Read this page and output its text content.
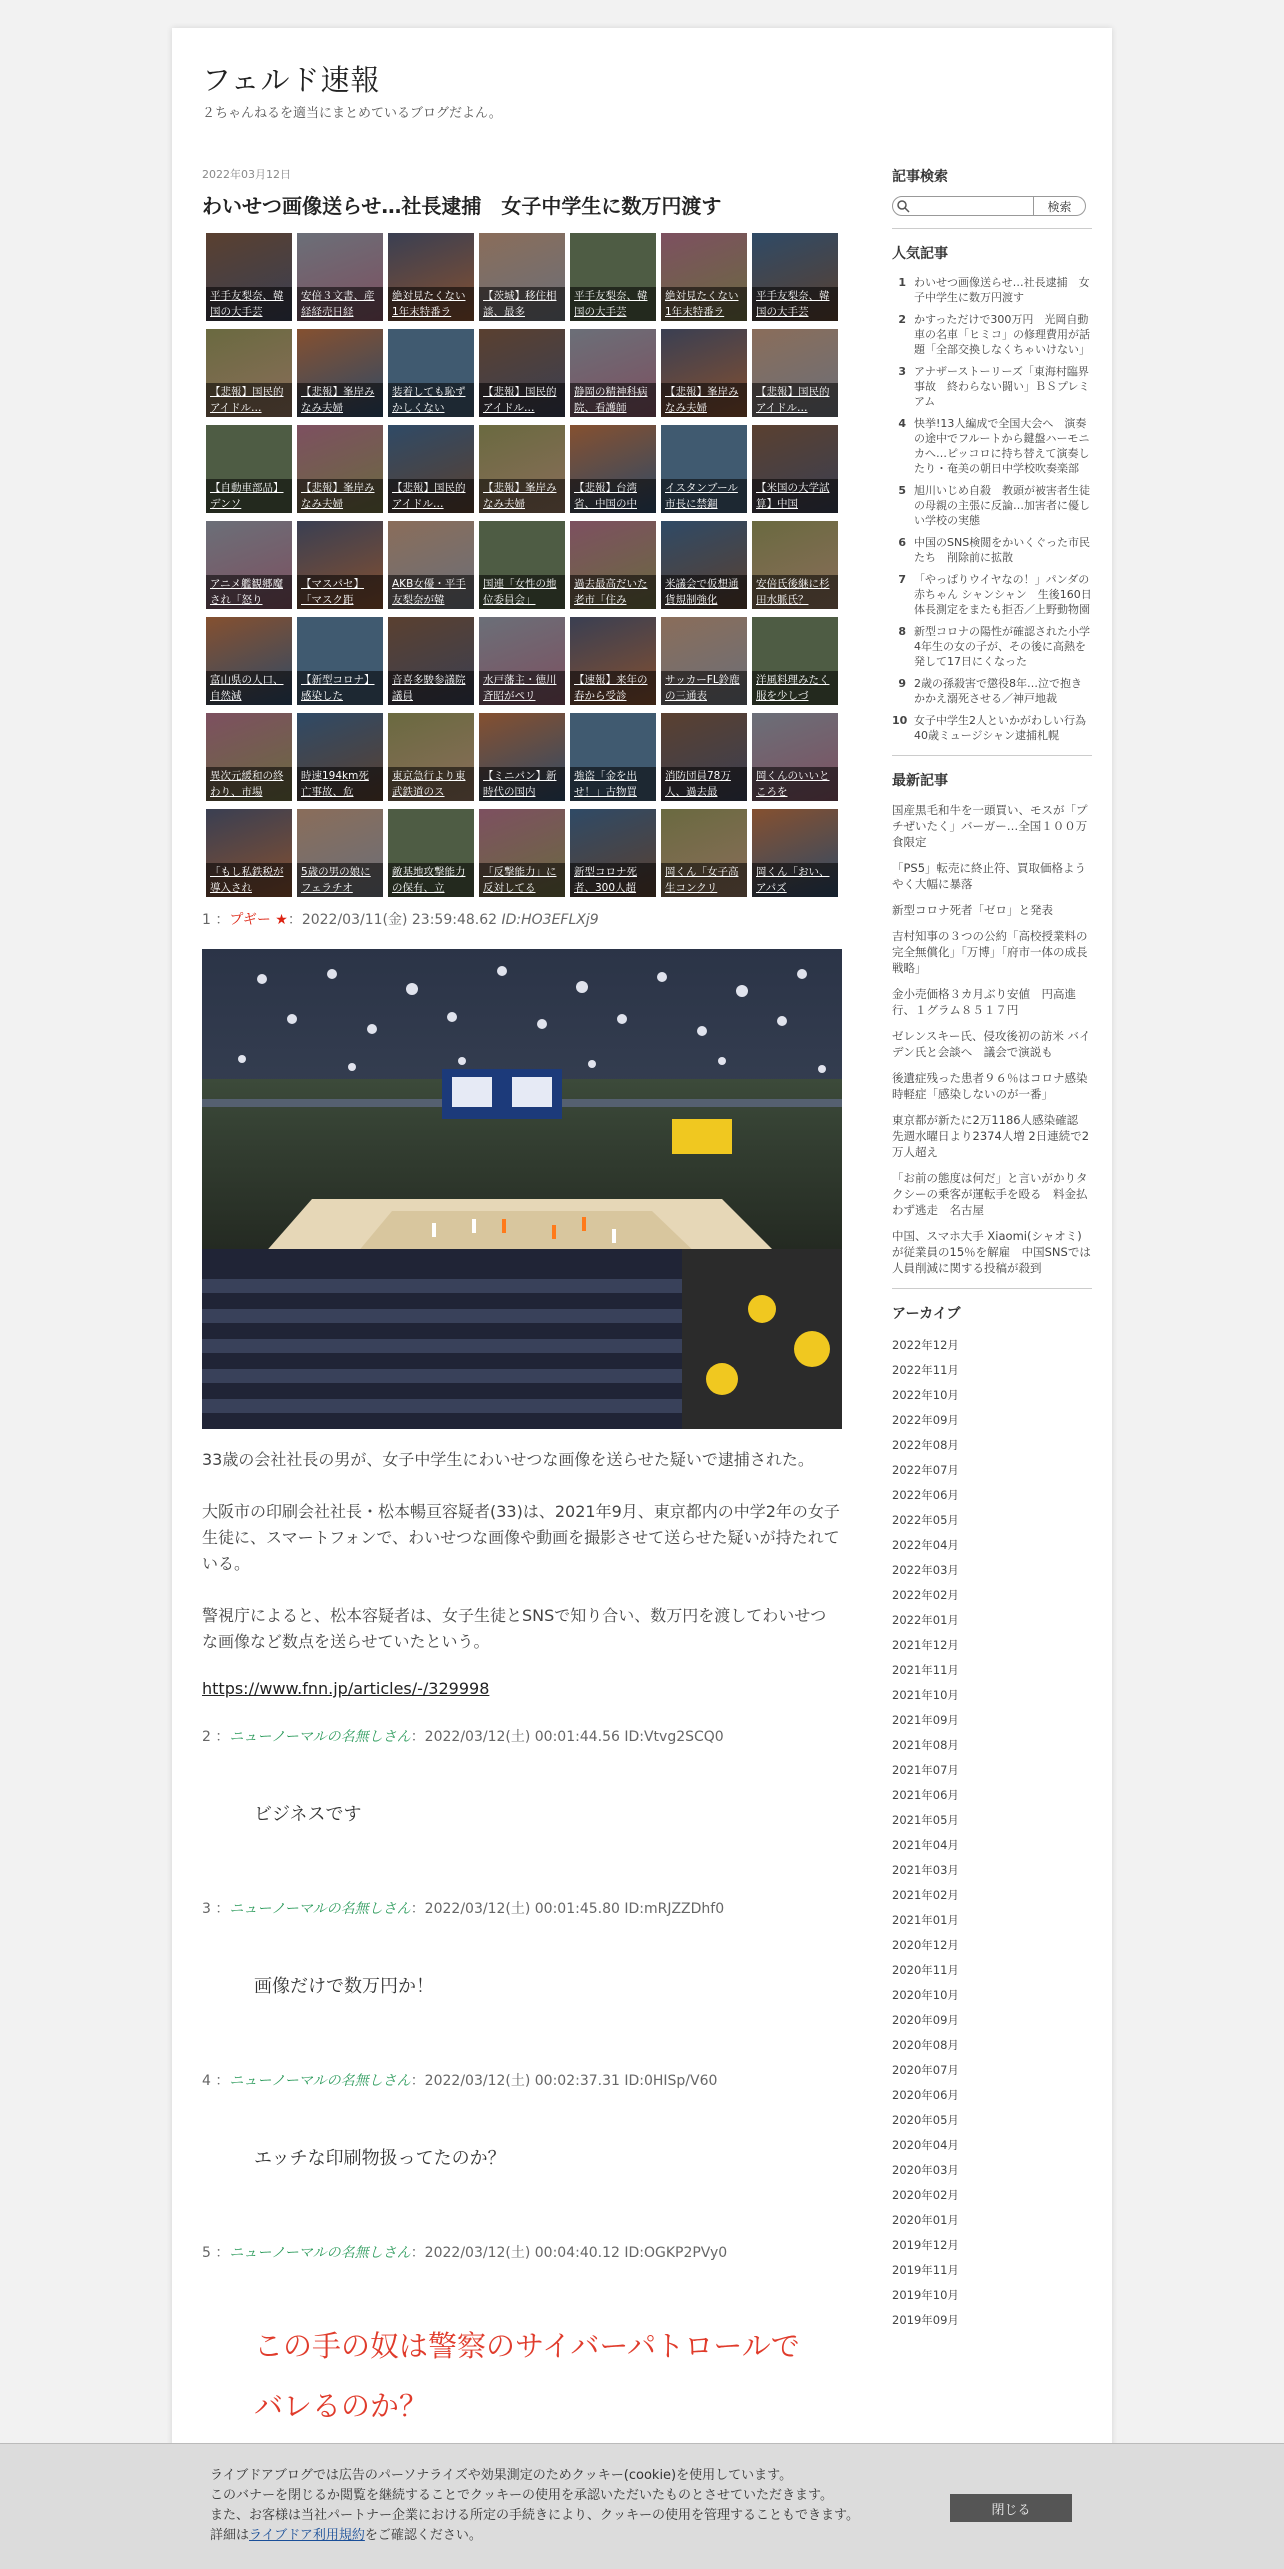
フェルド速報
２ちゃんねるを適当にまとめているブログだよん。
2022年03月12日
わいせつ画像送らせ…社長逮捕　女子中学生に数万円渡す
平手友梨奈、韓国の大手芸
安倍３文書、産経経売日経
絶対見たくない1年末特番ラ
【茨城】移住相談、最多
平手友梨奈、韓国の大手芸
絶対見たくない1年末特番ラ
平手友梨奈、韓国の大手芸
【悲報】国民的アイドル…
【悲報】峯岸みなみ夫婦
装着しても恥ずかしくない
【悲報】国民的アイドル…
静岡の精神科病院、看護師
【悲報】峯岸みなみ夫婦
【悲報】国民的アイドル…
【自動車部品】デンソ
【悲報】峯岸みなみ夫婦
【悲報】国民的アイドル…
【悲報】峯岸みなみ夫婦
【悲報】台湾省、中国の中
イスタンブール市長に禁錮
【米国の大学試算】中国
アニメ艦観郷魔され「怒り
【マスパセ】「マスク距
AKB女優・平手友梨奈が韓
国連「女性の地位委員会」
過去最高だいた老市「住み
米議会で仮想通貨規制強化
安倍氏後継に杉田水脈氏？
富山県の人口、自然減
【新型コロナ】感染した
音喜多駿参議院議員
水戸藩主・徳川斉昭がペリ
【速報】来年の春から受診
サッカーFL鈴鹿の三通表
洋風料理みたく服を少しづ
異次元緩和の終わり、市場
時速194km死亡事故、危
東京急行より東武鉄道のス
【ミニパン】新時代の国内
強盗「金を出せ！」古物買
消防団員78万人、過去最
岡くんのいいところを
「もし私鉄税が導入され
5歳の男の娘にフェラチオ
敵基地攻撃能力の保有、立
「反撃能力」に反対してる
新型コロナ死者、300人超
岡くん「女子高生コンクリ
岡くん「おい、アパズ
1 ：プギー ★：2022/03/11(金) 23:59:48.62 ID:HO3EFLXj9
33歳の会社社長の男が、女子中学生にわいせつな画像を送らせた疑いで逮捕された。
大阪市の印刷会社社長・松本暢亘容疑者(33)は、2021年9月、東京都内の中学2年の女子生徒に、スマートフォンで、わいせつな画像や動画を撮影させて送らせた疑いが持たれている。
警視庁によると、松本容疑者は、女子生徒とSNSで知り合い、数万円を渡してわいせつな画像など数点を送らせていたという。
https://www.fnn.jp/articles/-/329998
2 ：ニューノーマルの名無しさん：2022/03/12(土) 00:01:44.56 ID:Vtvg2SCQ0
ビジネスです
3 ：ニューノーマルの名無しさん：2022/03/12(土) 00:01:45.80 ID:mRJZZDhf0
画像だけで数万円か！
4 ：ニューノーマルの名無しさん：2022/03/12(土) 00:02:37.31 ID:0HISp/V60
エッチな印刷物扱ってたのか？
5 ：ニューノーマルの名無しさん：2022/03/12(土) 00:04:40.12 ID:OGKP2PVy0
この手の奴は警察のサイバーパトロールでバレるのか？
記事検索
検索
人気記事
1 わいせつ画像送らせ…社長逮捕　女子中学生に数万円渡す
2 かすっただけで300万円　光岡自動車の名車「ヒミコ」の修理費用が話題「全部交換しなくちゃいけない」
3 アナザーストーリーズ「東海村臨界事故　終わらない闘い」ＢＳプレミアム
4 快挙!13人編成で全国大会へ　演奏の途中でフルートから鍵盤ハーモニカへ…ピッコロに持ち替えて演奏したり・奄美の朝日中学校吹奏楽部
5 旭川いじめ自殺　教頭が被害者生徒の母親の主張に反論…加害者に優しい学校の実態
6 中国のSNS検閲をかいくぐった市民たち　削除前に拡散
7 「やっぱりウイヤなの！」パンダの赤ちゃん シャンシャン　生後160日　体長測定をまたも拒否／上野動物園
8 新型コロナの陽性が確認された小学4年生の女の子が、その後に高熱を発して17日にくなった
9 2歳の孫殺害で懲役8年…泣で抱きかかえ溺死させる／神戸地裁
10 女子中学生2人といかがわしい行為　40歳ミュージシャン逮捕札幌
最新記事
国産黒毛和牛を一頭買い、モスが「プチぜいたく」バーガー…全国１００万食限定
「PS5」転売に終止符、買取価格ようやく大幅に暴落
新型コロナ死者「ゼロ」と発表
吉村知事の３つの公約「高校授業料の完全無償化」「万博」「府市一体の成長戦略」
金小売価格３カ月ぶり安値　円高進行、１グラム８５１７円
ゼレンスキー氏、侵攻後初の訪米 バイデン氏と会談へ　議会で演説も
後遺症残った患者９６％はコロナ感染時軽症「感染しないのが一番」
東京都が新たに2万1186人感染確認 先週水曜日より2374人増 2日連続で2万人超え
「お前の態度は何だ」と言いがかりタクシーの乗客が運転手を殴る　料金払わず逃走　名古屋
中国、スマホ大手 Xiaomi(シャオミ)が従業員の15％を解雇　中国SNSでは人員削減に関する投稿が殺到
アーカイブ
2022年12月
2022年11月
2022年10月
2022年09月
2022年08月
2022年07月
2022年06月
2022年05月
2022年04月
2022年03月
2022年02月
2022年01月
2021年12月
2021年11月
2021年10月
2021年09月
2021年08月
2021年07月
2021年06月
2021年05月
2021年04月
2021年03月
2021年02月
2021年01月
2020年12月
2020年11月
2020年10月
2020年09月
2020年08月
2020年07月
2020年06月
2020年05月
2020年04月
2020年03月
2020年02月
2020年01月
2019年12月
2019年11月
2019年10月
2019年09月
ライブドアブログでは広告のパーソナライズや効果測定のためクッキー(cookie)を使用しています。
このバナーを閉じるか閲覧を継続することでクッキーの使用を承認いただいたものとさせていただきます。
また、お客様は当社パートナー企業における所定の手続きにより、クッキーの使用を管理することもできます。
詳細はライブドア利用規約をご確認ください。
閉じる
